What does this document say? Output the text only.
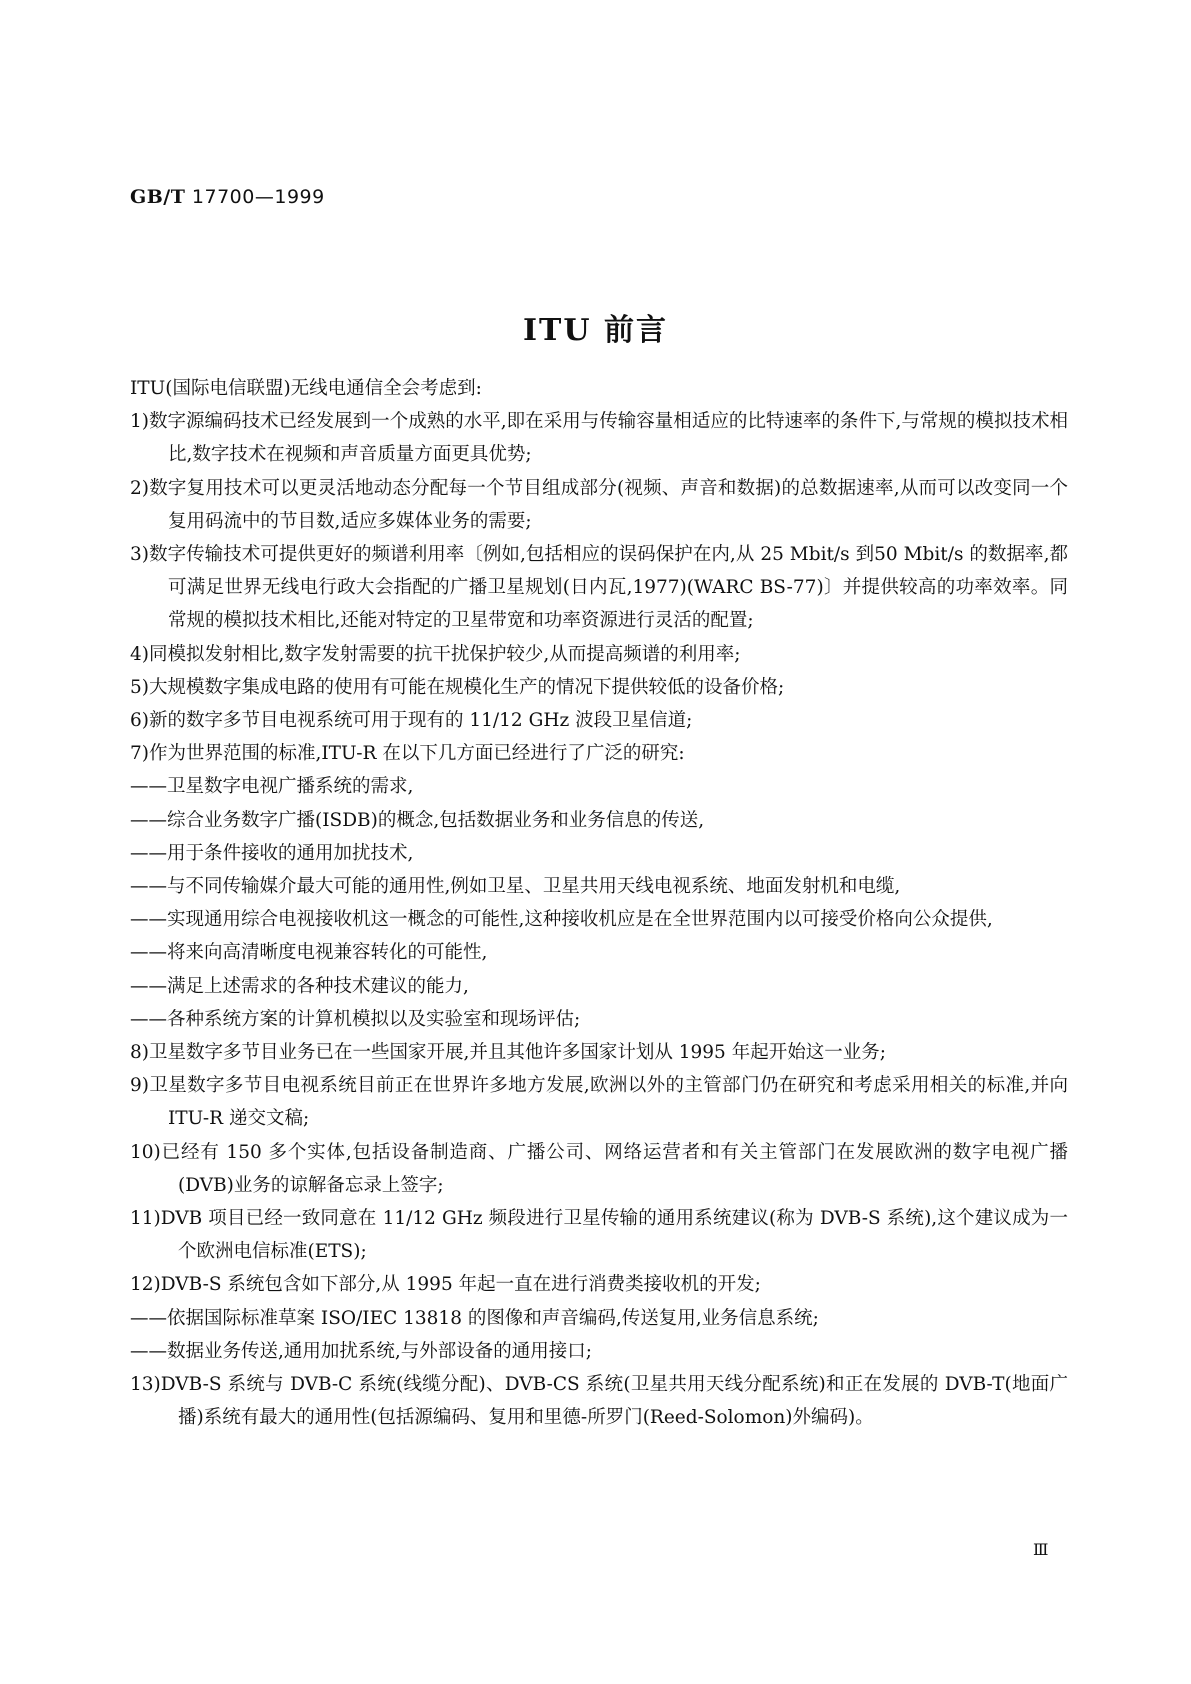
GB/T 17700—1999
ITU 前言

ITU(国际电信联盟)无线电通信全会考虑到:

1)数字源编码技术已经发展到一个成熟的水平,即在采用与传输容量相适应的比特速率的条件下,与常规的模拟技术相比,数字技术在视频和声音质量方面更具优势;

2)数字复用技术可以更灵活地动态分配每一个节目组成部分(视频、声音和数据)的总数据速率,从而可以改变同一个复用码流中的节目数,适应多媒体业务的需要;

3)数字传输技术可提供更好的频谱利用率〔例如,包括相应的误码保护在内,从 25 Mbit/s 到50 Mbit/s 的数据率,都可满足世界无线电行政大会指配的广播卫星规划(日内瓦,1977)(WARC BS-77)〕并提供较高的功率效率。同常规的模拟技术相比,还能对特定的卫星带宽和功率资源进行灵活的配置;

4)同模拟发射相比,数字发射需要的抗干扰保护较少,从而提高频谱的利用率;

5)大规模数字集成电路的使用有可能在规模化生产的情况下提供较低的设备价格;

6)新的数字多节目电视系统可用于现有的 11/12 GHz 波段卫星信道;

7)作为世界范围的标准,ITU-R 在以下几方面已经进行了广泛的研究:

——卫星数字电视广播系统的需求,

——综合业务数字广播(ISDB)的概念,包括数据业务和业务信息的传送,

——用于条件接收的通用加扰技术,

——与不同传输媒介最大可能的通用性,例如卫星、卫星共用天线电视系统、地面发射机和电缆,

——实现通用综合电视接收机这一概念的可能性,这种接收机应是在全世界范围内以可接受价格向公众提供,

——将来向高清晰度电视兼容转化的可能性,

——满足上述需求的各种技术建议的能力,

——各种系统方案的计算机模拟以及实验室和现场评估;

8)卫星数字多节目业务已在一些国家开展,并且其他许多国家计划从 1995 年起开始这一业务;

9)卫星数字多节目电视系统目前正在世界许多地方发展,欧洲以外的主管部门仍在研究和考虑采用相关的标准,并向 ITU-R 递交文稿;

10)已经有 150 多个实体,包括设备制造商、广播公司、网络运营者和有关主管部门在发展欧洲的数字电视广播(DVB)业务的谅解备忘录上签字;

11)DVB 项目已经一致同意在 11/12 GHz 频段进行卫星传输的通用系统建议(称为 DVB-S 系统),这个建议成为一个欧洲电信标准(ETS);

12)DVB-S 系统包含如下部分,从 1995 年起一直在进行消费类接收机的开发;

——依据国际标准草案 ISO/IEC 13818 的图像和声音编码,传送复用,业务信息系统;

——数据业务传送,通用加扰系统,与外部设备的通用接口;

13)DVB-S 系统与 DVB-C 系统(线缆分配)、DVB-CS 系统(卫星共用天线分配系统)和正在发展的 DVB-T(地面广播)系统有最大的通用性(包括源编码、复用和里德-所罗门(Reed-Solomon)外编码)。

Ⅲ
